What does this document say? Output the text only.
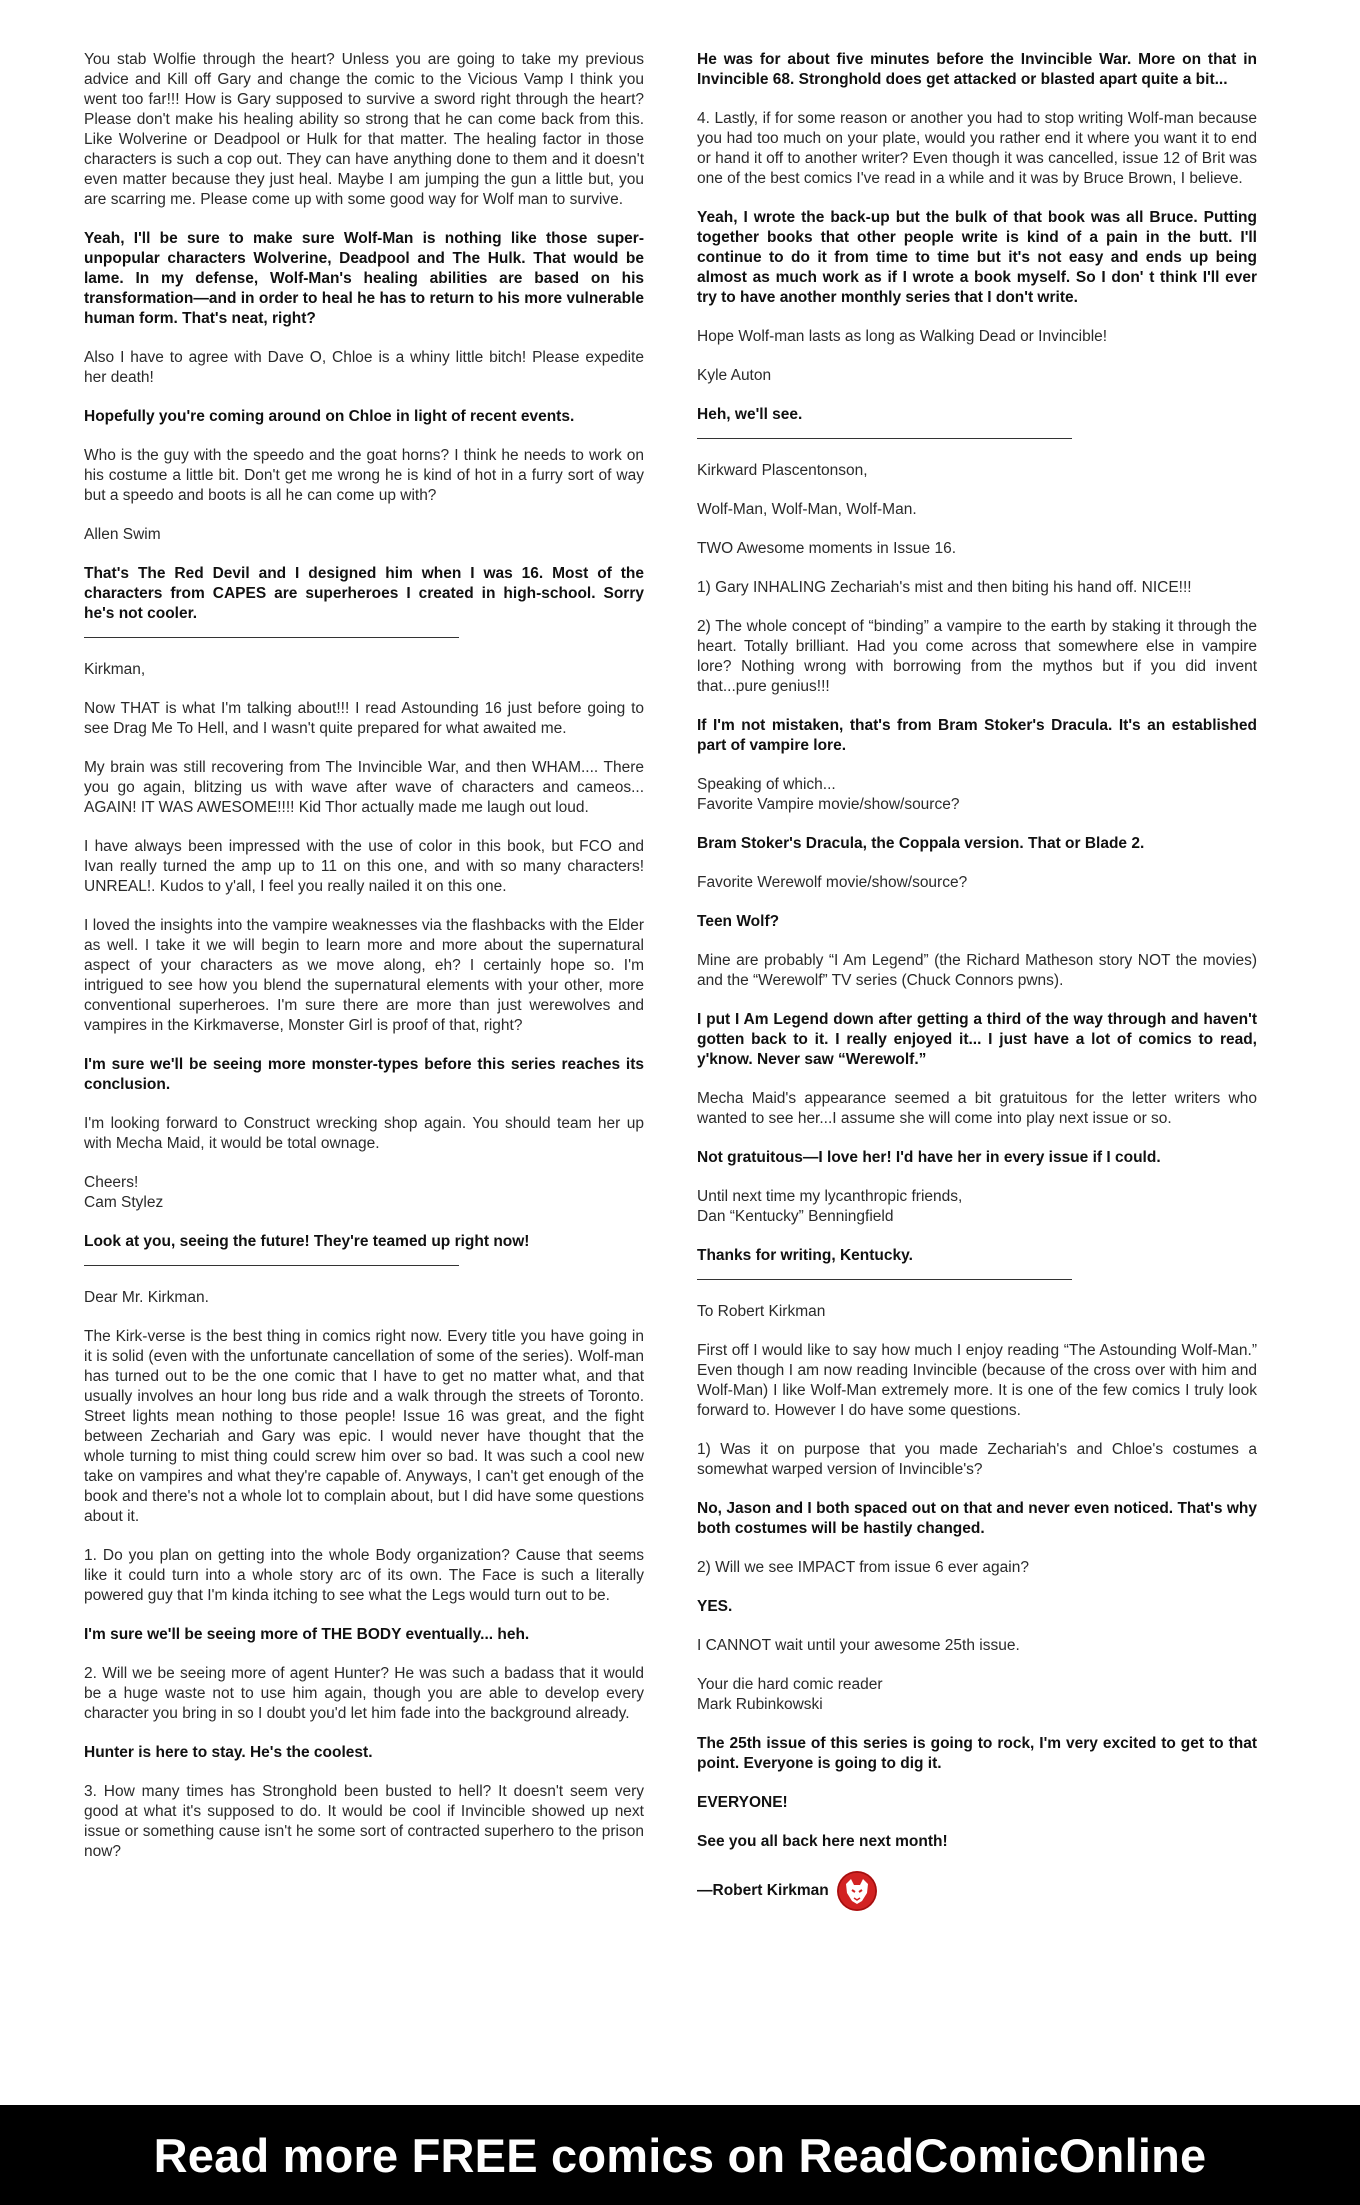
You stab Wolfie through the heart? Unless you are going to take my previous advice and Kill off Gary and change the comic to the Vicious Vamp I think you went too far!!! How is Gary supposed to survive a sword right through the heart? Please don't make his healing ability so strong that he can come back from this. Like Wolverine or Deadpool or Hulk for that matter. The healing factor in those characters is such a cop out. They can have anything done to them and it doesn't even matter because they just heal. Maybe I am jumping the gun a little but, you are scarring me. Please come up with some good way for Wolf man to survive.

Yeah, I'll be sure to make sure Wolf-Man is nothing like those super-unpopular characters Wolverine, Deadpool and The Hulk. That would be lame. In my defense, Wolf-Man's healing abilities are based on his transformation—and in order to heal he has to return to his more vulnerable human form. That's neat, right?

Also I have to agree with Dave O, Chloe is a whiny little bitch! Please expedite her death!

Hopefully you're coming around on Chloe in light of recent events.

Who is the guy with the speedo and the goat horns? I think he needs to work on his costume a little bit. Don't get me wrong he is kind of hot in a furry sort of way but a speedo and boots is all he can come up with?

Allen Swim

That's The Red Devil and I designed him when I was 16. Most of the characters from CAPES are superheroes I created in high-school. Sorry he's not cooler.

Kirkman,

Now THAT is what I'm talking about!!! I read Astounding 16 just before going to see Drag Me To Hell, and I wasn't quite prepared for what awaited me.

My brain was still recovering from The Invincible War, and then WHAM.... There you go again, blitzing us with wave after wave of characters and cameos... AGAIN! IT WAS AWESOME!!!! Kid Thor actually made me laugh out loud.

I have always been impressed with the use of color in this book, but FCO and Ivan really turned the amp up to 11 on this one, and with so many characters! UNREAL!. Kudos to y'all, I feel you really nailed it on this one.

I loved the insights into the vampire weaknesses via the flashbacks with the Elder as well. I take it we will begin to learn more and more about the supernatural aspect of your characters as we move along, eh? I certainly hope so. I'm intrigued to see how you blend the supernatural elements with your other, more conventional superheroes. I'm sure there are more than just werewolves and vampires in the Kirkmaverse, Monster Girl is proof of that, right?

I'm sure we'll be seeing more monster-types before this series reaches its conclusion.

I'm looking forward to Construct wrecking shop again. You should team her up with Mecha Maid, it would be total ownage.

Cheers!
Cam Stylez

Look at you, seeing the future! They're teamed up right now!

Dear Mr. Kirkman.

The Kirk-verse is the best thing in comics right now. Every title you have going in it is solid (even with the unfortunate cancellation of some of the series). Wolf-man has turned out to be the one comic that I have to get no matter what, and that usually involves an hour long bus ride and a walk through the streets of Toronto. Street lights mean nothing to those people! Issue 16 was great, and the fight between Zechariah and Gary was epic. I would never have thought that the whole turning to mist thing could screw him over so bad. It was such a cool new take on vampires and what they're capable of. Anyways, I can't get enough of the book and there's not a whole lot to complain about, but I did have some questions about it.

1. Do you plan on getting into the whole Body organization? Cause that seems like it could turn into a whole story arc of its own. The Face is such a literally powered guy that I'm kinda itching to see what the Legs would turn out to be.

I'm sure we'll be seeing more of THE BODY eventually... heh.

2. Will we be seeing more of agent Hunter? He was such a badass that it would be a huge waste not to use him again, though you are able to develop every character you bring in so I doubt you'd let him fade into the background already.

Hunter is here to stay. He's the coolest.

3. How many times has Stronghold been busted to hell? It doesn't seem very good at what it's supposed to do. It would be cool if Invincible showed up next issue or something cause isn't he some sort of contracted superhero to the prison now?

He was for about five minutes before the Invincible War. More on that in Invincible 68. Stronghold does get attacked or blasted apart quite a bit...

4. Lastly, if for some reason or another you had to stop writing Wolf-man because you had too much on your plate, would you rather end it where you want it to end or hand it off to another writer? Even though it was cancelled, issue 12 of Brit was one of the best comics I've read in a while and it was by Bruce Brown, I believe.

Yeah, I wrote the back-up but the bulk of that book was all Bruce. Putting together books that other people write is kind of a pain in the butt. I'll continue to do it from time to time but it's not easy and ends up being almost as much work as if I wrote a book myself. So I don' t think I'll ever try to have another monthly series that I don't write.

Hope Wolf-man lasts as long as Walking Dead or Invincible!

Kyle Auton

Heh, we'll see.

Kirkward Plascentonson,

Wolf-Man, Wolf-Man, Wolf-Man.

TWO Awesome moments in Issue 16.

1) Gary INHALING Zechariah's mist and then biting his hand off. NICE!!!

2) The whole concept of “binding” a vampire to the earth by staking it through the heart. Totally brilliant. Had you come across that somewhere else in vampire lore? Nothing wrong with borrowing from the mythos but if you did invent that...pure genius!!!

If I'm not mistaken, that's from Bram Stoker's Dracula. It's an established part of vampire lore.

Speaking of which...
Favorite Vampire movie/show/source?

Bram Stoker's Dracula, the Coppala version. That or Blade 2.

Favorite Werewolf movie/show/source?

Teen Wolf?

Mine are probably “I Am Legend” (the Richard Matheson story NOT the movies) and the “Werewolf” TV series (Chuck Connors pwns).

I put I Am Legend down after getting a third of the way through and haven't gotten back to it. I really enjoyed it... I just have a lot of comics to read, y'know. Never saw “Werewolf.”

Mecha Maid's appearance seemed a bit gratuitous for the letter writers who wanted to see her...I assume she will come into play next issue or so.

Not gratuitous—I love her! I'd have her in every issue if I could.

Until next time my lycanthropic friends,
Dan “Kentucky” Benningfield

Thanks for writing, Kentucky.

To Robert Kirkman

First off I would like to say how much I enjoy reading “The Astounding Wolf-Man.” Even though I am now reading Invincible (because of the cross over with him and Wolf-Man) I like Wolf-Man extremely more. It is one of the few comics I truly look forward to. However I do have some questions.

1) Was it on purpose that you made Zechariah's and Chloe's costumes a somewhat warped version of Invincible's?

No, Jason and I both spaced out on that and never even noticed. That's why both costumes will be hastily changed.

2) Will we see IMPACT from issue 6 ever again?

YES.

I CANNOT wait until your awesome 25th issue.

Your die hard comic reader
Mark Rubinkowski

The 25th issue of this series is going to rock, I'm very excited to get to that point. Everyone is going to dig it.

EVERYONE!

See you all back here next month!

—Robert Kirkman
Read more FREE comics on ReadComicOnline
